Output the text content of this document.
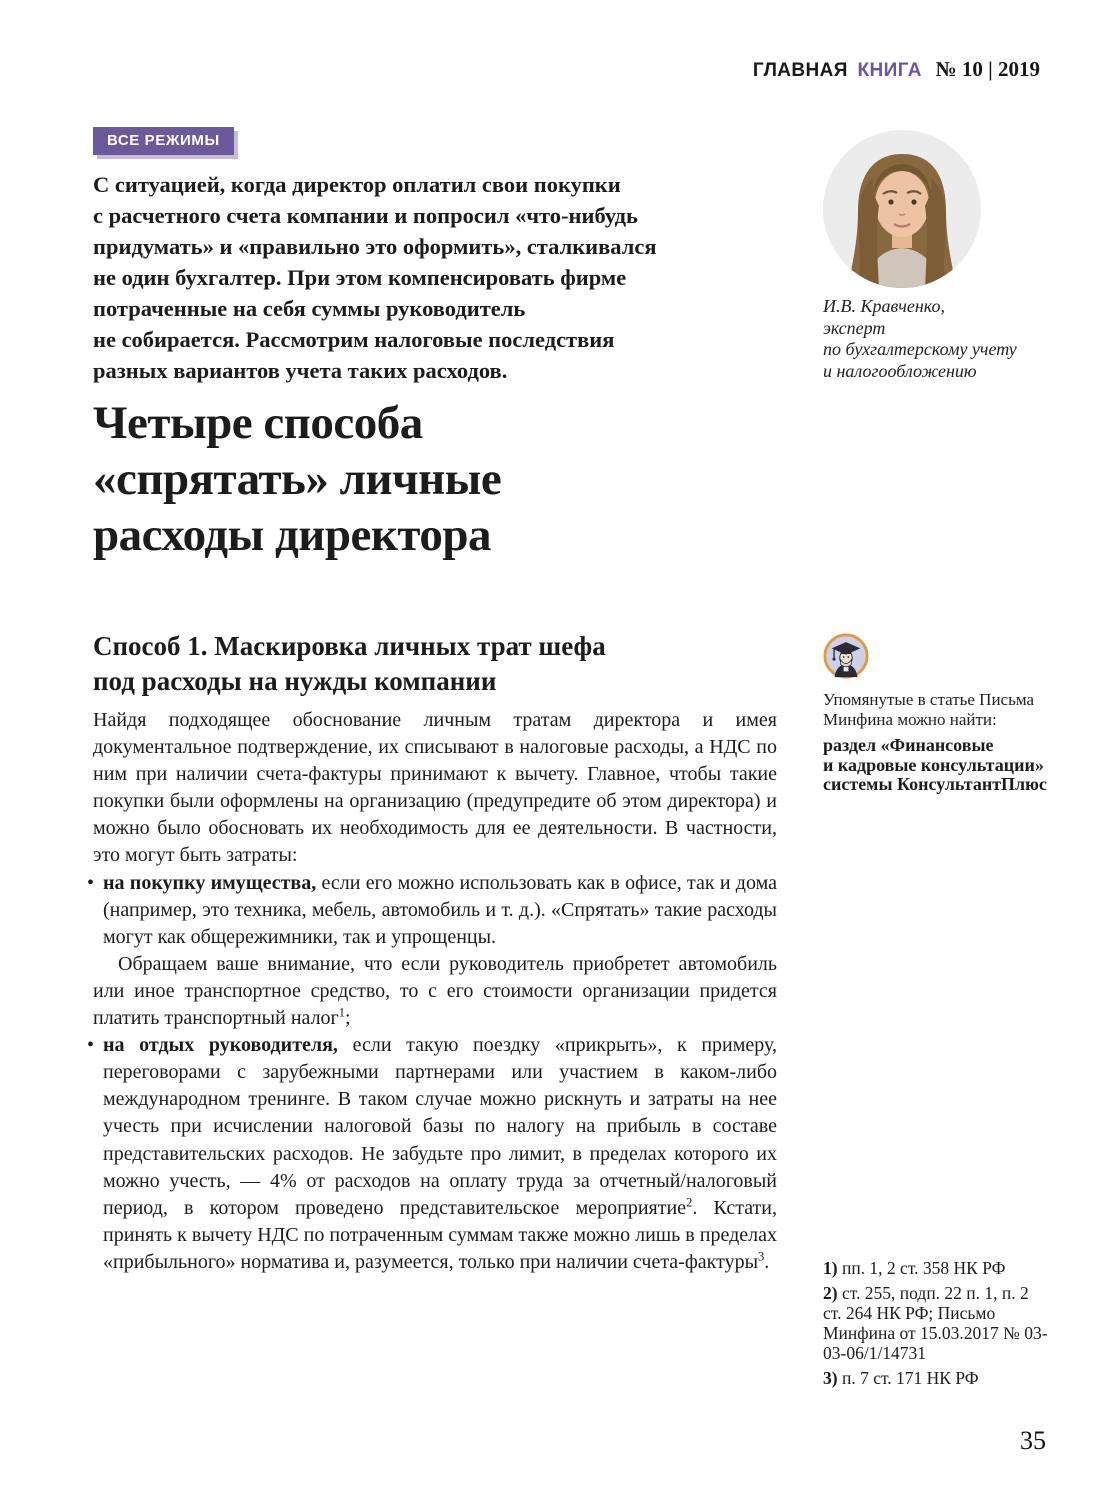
ГЛАВНАЯ КНИГА № 10 | 2019
ВСЕ РЕЖИМЫ
С ситуацией, когда директор оплатил свои покупки
с расчетного счета компании и попросил «что-нибудь
придумать» и «правильно это оформить», сталкивался
не один бухгалтер. При этом компенсировать фирме
потраченные на себя суммы руководитель
не собирается. Рассмотрим налоговые последствия
разных вариантов учета таких расходов.
Четыре способа
«спрятать» личные
расходы директора
И.В. Кравченко,
эксперт
по бухгалтерскому учету
и налогообложению
Способ 1. Маскировка личных трат шефа
под расходы на нужды компании

Найдя подходящее обоснование личным тратам директора и имея документальное подтверждение, их списывают в налоговые расходы, а НДС по ним при наличии счета-фактуры принимают к вычету. Главное, чтобы такие покупки были оформлены на организацию (предупредите об этом директора) и можно было обосновать их необходимость для ее деятельности. В частности, это могут быть затраты:

• на покупку имущества, если его можно использовать как в офисе, так и дома (например, это техника, мебель, автомобиль и т. д.). «Спрятать» такие расходы могут как общережимники, так и упрощенцы.

Обращаем ваше внимание, что если руководитель приобретет автомобиль или иное транспортное средство, то с его стоимости организации придется платить транспортный налог$^1$;

• на отдых руководителя, если такую поездку «прикрыть», к примеру, переговорами с зарубежными партнерами или участием в каком-либо международном тренинге. В таком случае можно рискнуть и затраты на нее учесть при исчислении налоговой базы по налогу на прибыль в составе представительских расходов. Не забудьте про лимит, в пределах которого их можно учесть, — 4% от расходов на оплату труда за отчетный/налоговый период, в котором проведено представительское мероприятие$^2$. Кстати, принять к вычету НДС по потраченным суммам также можно лишь в пределах «прибыльного» норматива и, разумеется, только при наличии счета-фактуры$^3$.
Упомянутые в статье Письма
Минфина можно найти:
раздел «Финансовые
и кадровые консультации»
системы КонсультантПлюс
1) пп. 1, 2 ст. 358 НК РФ
2) ст. 255, подп. 22 п. 1, п. 2 ст. 264 НК РФ; Письмо Минфина от 15.03.2017 № 03-03-06/1/14731
3) п. 7 ст. 171 НК РФ
35
